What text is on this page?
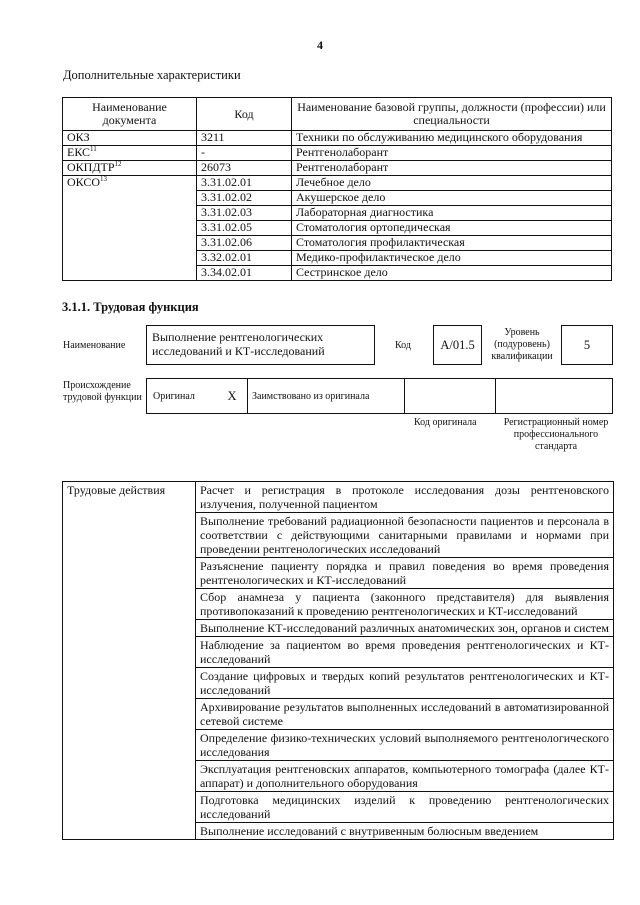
4
Дополнительные характеристики
Наименование документа	Код	Наименование базовой группы, должности (профессии) или специальности
ОКЗ	3211	Техники по обслуживанию медицинского оборудования
ЕКС$^{11}$	-	Рентгенолаборант
ОКПДТР$^{12}$	26073	Рентгенолаборант
ОКСО$^{13}$	3.31.02.01	Лечебное дело
	3.31.02.02	Акушерское дело
	3.31.02.03	Лабораторная диагностика
	3.31.02.05	Стоматология ортопедическая
	3.31.02.06	Стоматология профилактическая
	3.32.02.01	Медико-профилактическое дело
	3.34.02.01	Сестринское дело
3.1.1. Трудовая функция
Наименование
Выполнение рентгенологических исследований и КТ-исследований	Код	A/01.5
Уровень (подуровень) квалификации
5
Происхождение трудовой функции	Оригинал	X	Заимствовано из оригинала
Код оригинала	Регистрационный номер профессионального стандарта
Трудовые действия	Расчет и регистрация в протоколе исследования дозы рентгеновского излучения, полученной пациентом
Выполнение требований радиационной безопасности пациентов и персонала в соответствии с действующими санитарными правилами и нормами при проведении рентгенологических исследований
Разъяснение пациенту порядка и правил поведения во время проведения рентгенологических и КТ-исследований
Сбор анамнеза у пациента (законного представителя) для выявления противопоказаний к проведению рентгенологических и КТ-исследований
Выполнение КТ-исследований различных анатомических зон, органов и систем
Наблюдение за пациентом во время проведения рентгенологических и КТ-исследований
Создание цифровых и твердых копий результатов рентгенологических и КТ-исследований
Архивирование результатов выполненных исследований в автоматизированной сетевой системе
Определение физико-технических условий выполняемого рентгенологического исследования
Эксплуатация рентгеновских аппаратов, компьютерного томографа (далее КТ-аппарат) и дополнительного оборудования
Подготовка медицинских изделий к проведению рентгенологических исследований
Выполнение исследований с внутривенным болюсным введением
